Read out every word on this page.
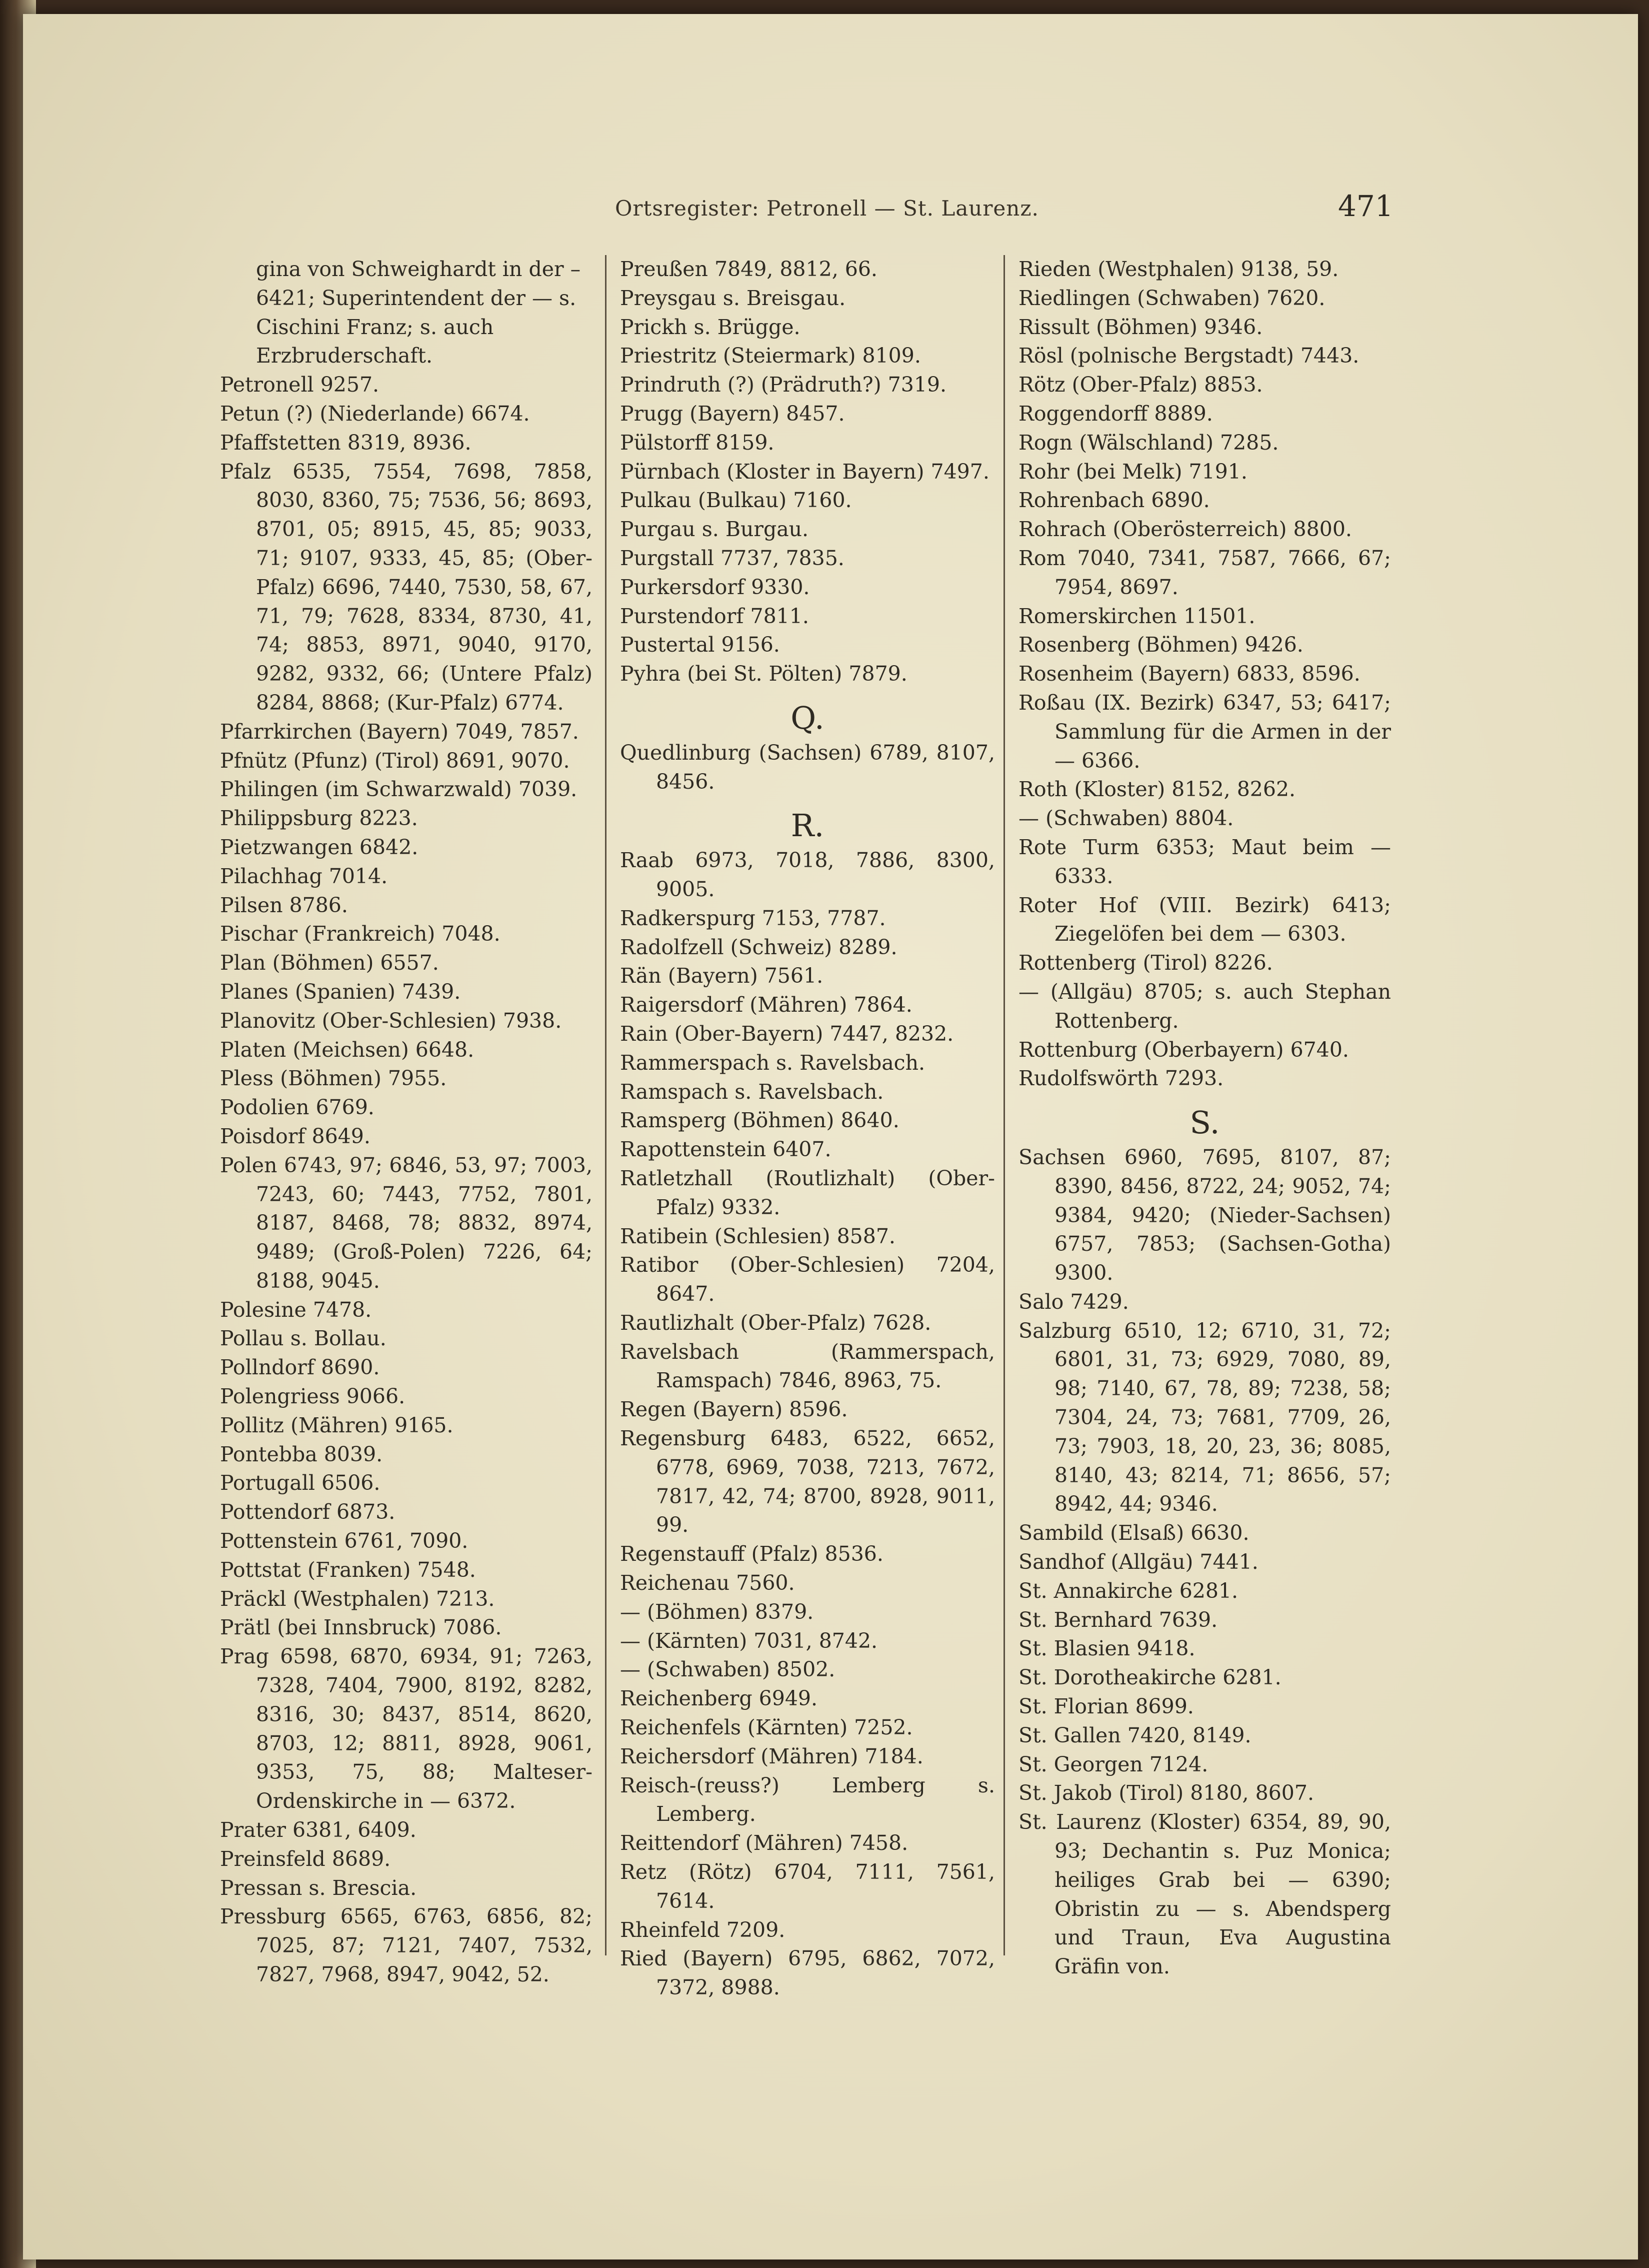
Ortsregister: Petronell — St. Laurenz.	471
gina von Schweighardt in der – 6421; Superintendent der — s. Cischini Franz; s. auch Erzbruderschaft.
Petronell 9257.
Petun (?) (Niederlande) 6674.
Pfaffstetten 8319, 8936.
Pfalz 6535, 7554, 7698, 7858, 8030, 8360, 75; 7536, 56; 8693, 8701, 05; 8915, 45, 85; 9033, 71; 9107, 9333, 45, 85; (Ober-Pfalz) 6696, 7440, 7530, 58, 67, 71, 79; 7628, 8334, 8730, 41, 74; 8853, 8971, 9040, 9170, 9282, 9332, 66; (Untere Pfalz) 8284, 8868; (Kur-Pfalz) 6774.
Pfarrkirchen (Bayern) 7049, 7857.
Pfnütz (Pfunz) (Tirol) 8691, 9070.
Philingen (im Schwarzwald) 7039.
Philippsburg 8223.
Pietzwangen 6842.
Pilachhag 7014.
Pilsen 8786.
Pischar (Frankreich) 7048.
Plan (Böhmen) 6557.
Planes (Spanien) 7439.
Planovitz (Ober-Schlesien) 7938.
Platen (Meichsen) 6648.
Pless (Böhmen) 7955.
Podolien 6769.
Poisdorf 8649.
Polen 6743, 97; 6846, 53, 97; 7003, 7243, 60; 7443, 7752, 7801, 8187, 8468, 78; 8832, 8974, 9489; (Groß-Polen) 7226, 64; 8188, 9045.
Polesine 7478.
Pollau s. Bollau.
Pollndorf 8690.
Polengriess 9066.
Pollitz (Mähren) 9165.
Pontebba 8039.
Portugall 6506.
Pottendorf 6873.
Pottenstein 6761, 7090.
Pottstat (Franken) 7548.
Präckl (Westphalen) 7213.
Prätl (bei Innsbruck) 7086.
Prag 6598, 6870, 6934, 91; 7263, 7328, 7404, 7900, 8192, 8282, 8316, 30; 8437, 8514, 8620, 8703, 12; 8811, 8928, 9061, 9353, 75, 88; Malteser-Ordenskirche in — 6372.
Prater 6381, 6409.
Preinsfeld 8689.
Pressan s. Brescia.
Pressburg 6565, 6763, 6856, 82; 7025, 87; 7121, 7407, 7532, 7827, 7968, 8947, 9042, 52.
Preußen 7849, 8812, 66.
Preysgau s. Breisgau.
Prickh s. Brügge.
Priestritz (Steiermark) 8109.
Prindruth (?) (Prädruth?) 7319.
Prugg (Bayern) 8457.
Pülstorff 8159.
Pürnbach (Kloster in Bayern) 7497.
Pulkau (Bulkau) 7160.
Purgau s. Burgau.
Purgstall 7737, 7835.
Purkersdorf 9330.
Purstendorf 7811.
Pustertal 9156.
Pyhra (bei St. Pölten) 7879.
Q.
Quedlinburg (Sachsen) 6789, 8107, 8456.
R.
Raab 6973, 7018, 7886, 8300, 9005.
Radkerspurg 7153, 7787.
Radolfzell (Schweiz) 8289.
Rän (Bayern) 7561.
Raigersdorf (Mähren) 7864.
Rain (Ober-Bayern) 7447, 8232.
Rammerspach s. Ravelsbach.
Ramspach s. Ravelsbach.
Ramsperg (Böhmen) 8640.
Rapottenstein 6407.
Ratletzhall (Routlizhalt) (Ober-Pfalz) 9332.
Ratibein (Schlesien) 8587.
Ratibor (Ober-Schlesien) 7204, 8647.
Rautlizhalt (Ober-Pfalz) 7628.
Ravelsbach (Rammerspach, Ramspach) 7846, 8963, 75.
Regen (Bayern) 8596.
Regensburg 6483, 6522, 6652, 6778, 6969, 7038, 7213, 7672, 7817, 42, 74; 8700, 8928, 9011, 99.
Regenstauff (Pfalz) 8536.
Reichenau 7560.
— (Böhmen) 8379.
— (Kärnten) 7031, 8742.
— (Schwaben) 8502.
Reichenberg 6949.
Reichenfels (Kärnten) 7252.
Reichersdorf (Mähren) 7184.
Reisch-(reuss?) Lemberg s. Lemberg.
Reittendorf (Mähren) 7458.
Retz (Rötz) 6704, 7111, 7561, 7614.
Rheinfeld 7209.
Ried (Bayern) 6795, 6862, 7072, 7372, 8988.
Rieden (Westphalen) 9138, 59.
Riedlingen (Schwaben) 7620.
Rissult (Böhmen) 9346.
Rösl (polnische Bergstadt) 7443.
Rötz (Ober-Pfalz) 8853.
Roggendorff 8889.
Rogn (Wälschland) 7285.
Rohr (bei Melk) 7191.
Rohrenbach 6890.
Rohrach (Oberösterreich) 8800.
Rom 7040, 7341, 7587, 7666, 67; 7954, 8697.
Romerskirchen 11501.
Rosenberg (Böhmen) 9426.
Rosenheim (Bayern) 6833, 8596.
Roßau (IX. Bezirk) 6347, 53; 6417; Sammlung für die Armen in der — 6366.
Roth (Kloster) 8152, 8262.
— (Schwaben) 8804.
Rote Turm 6353; Maut beim — 6333.
Roter Hof (VIII. Bezirk) 6413; Ziegelöfen bei dem — 6303.
Rottenberg (Tirol) 8226.
— (Allgäu) 8705; s. auch Stephan Rottenberg.
Rottenburg (Oberbayern) 6740.
Rudolfswörth 7293.
S.
Sachsen 6960, 7695, 8107, 87; 8390, 8456, 8722, 24; 9052, 74; 9384, 9420; (Nieder-Sachsen) 6757, 7853; (Sachsen-Gotha) 9300.
Salo 7429.
Salzburg 6510, 12; 6710, 31, 72; 6801, 31, 73; 6929, 7080, 89, 98; 7140, 67, 78, 89; 7238, 58; 7304, 24, 73; 7681, 7709, 26, 73; 7903, 18, 20, 23, 36; 8085, 8140, 43; 8214, 71; 8656, 57; 8942, 44; 9346.
Sambild (Elsaß) 6630.
Sandhof (Allgäu) 7441.
St. Annakirche 6281.
St. Bernhard 7639.
St. Blasien 9418.
St. Dorotheakirche 6281.
St. Florian 8699.
St. Gallen 7420, 8149.
St. Georgen 7124.
St. Jakob (Tirol) 8180, 8607.
St. Laurenz (Kloster) 6354, 89, 90, 93; Dechantin s. Puz Monica; heiliges Grab bei — 6390; Obristin zu — s. Abendsperg und Traun, Eva Augustina Gräfin von.
